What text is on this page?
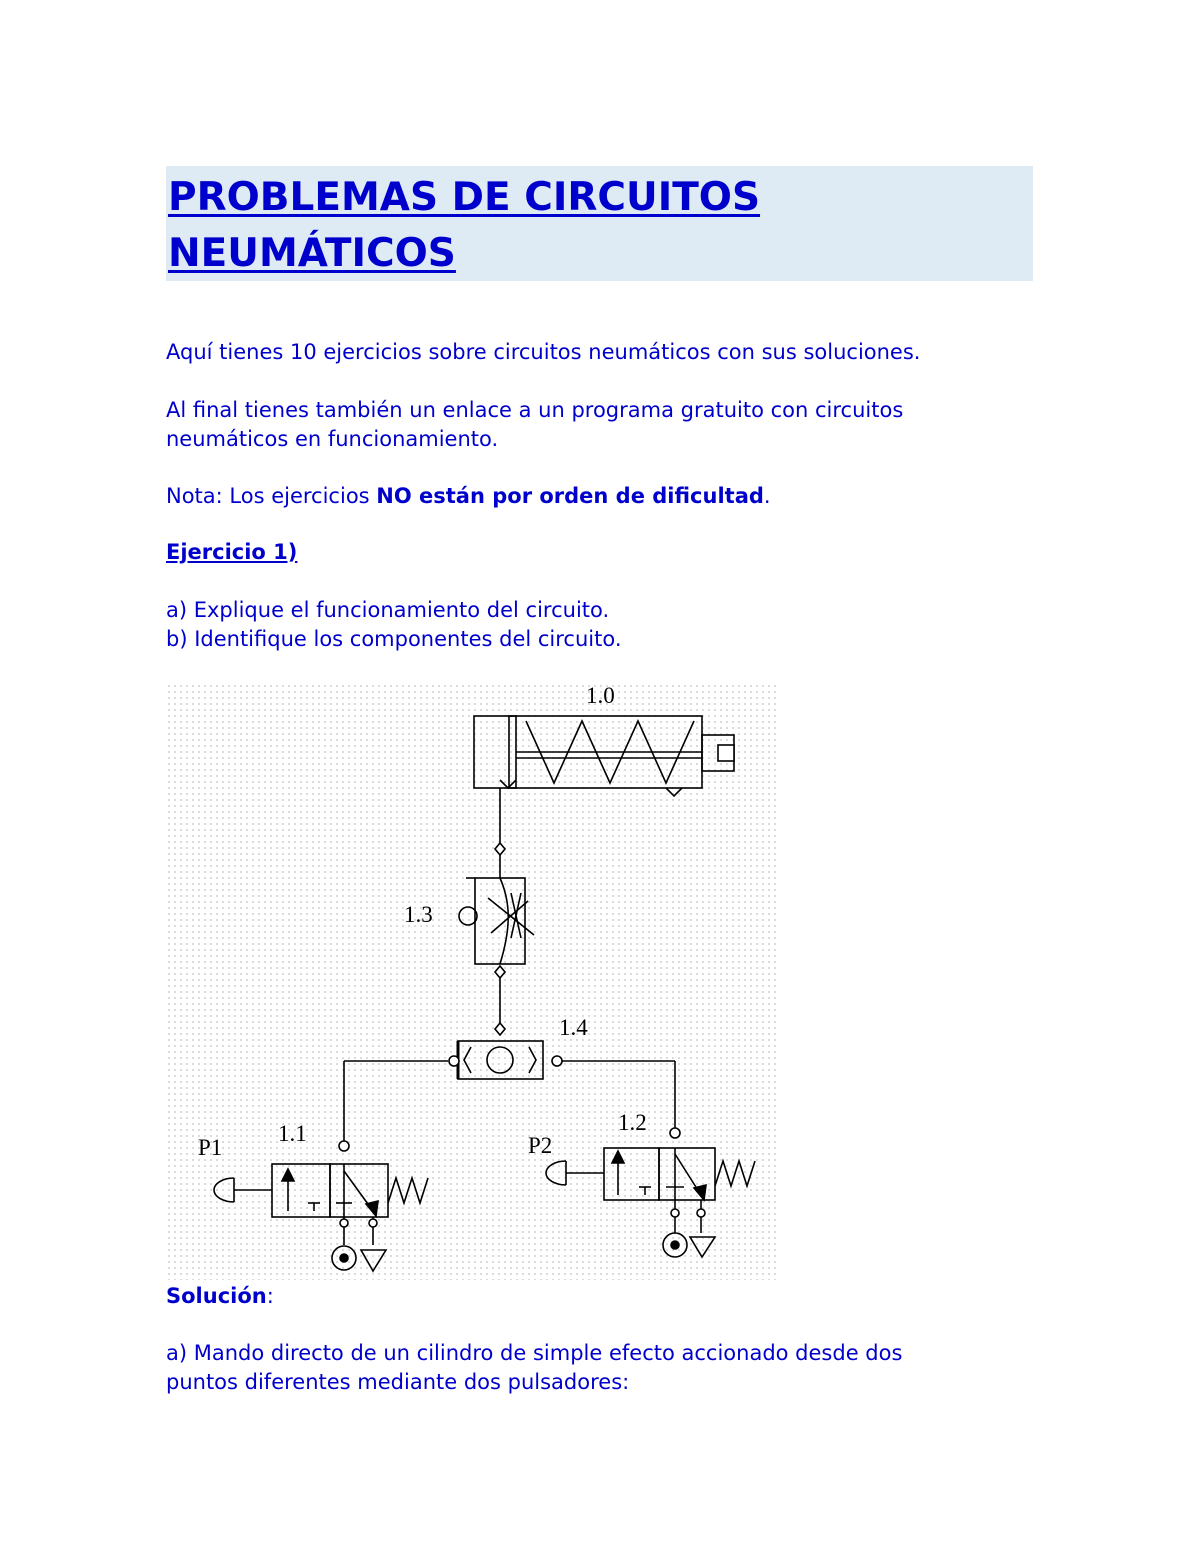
PROBLEMAS DE CIRCUITOS
NEUMÁTICOS

Aquí tienes 10 ejercicios sobre circuitos neumáticos con sus soluciones.

Al final tienes también un enlace a un programa gratuito con circuitos
neumáticos en funcionamiento.

Nota: Los ejercicios NO están por orden de dificultad.

Ejercicio 1)

a) Explique el funcionamiento del circuito.
b) Identifique los componentes del circuito.

1.0
1.3
1.4
1.1
P1
1.2
P2

Solución:

a) Mando directo de un cilindro de simple efecto accionado desde dos
puntos diferentes mediante dos pulsadores:
